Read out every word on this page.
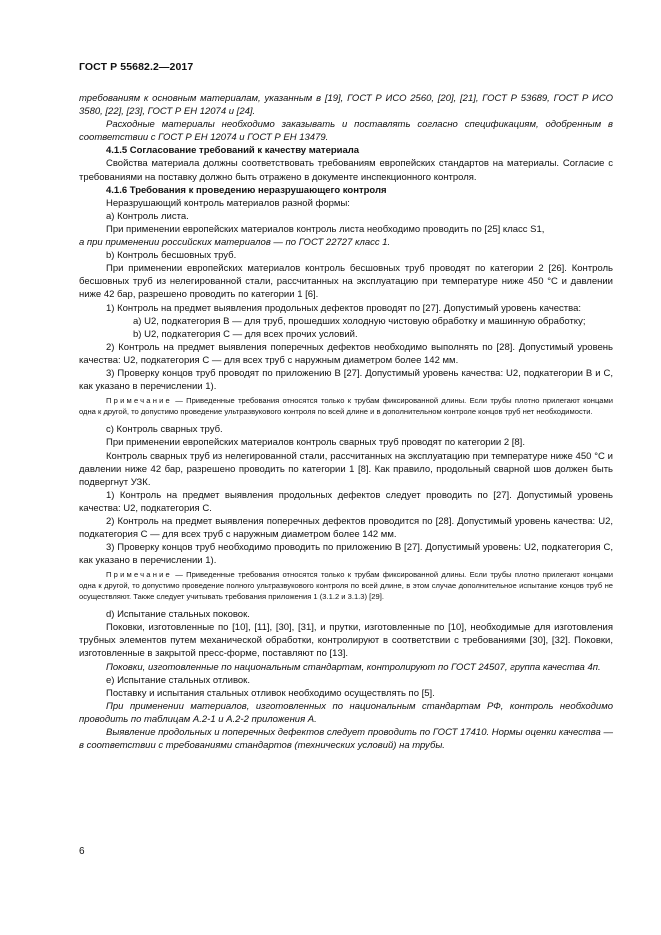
ГОСТ Р 55682.2—2017

требованиям к основным материалам, указанным в [19], ГОСТ Р ИСО 2560, [20], [21], ГОСТ Р 53689, ГОСТ Р ИСО 3580, [22], [23], ГОСТ Р ЕН 12074 и [24].

Расходные материалы необходимо заказывать и поставлять согласно спецификациям, одобренным в соответствии с ГОСТ Р ЕН 12074 и ГОСТ Р ЕН 13479.

4.1.5 Согласование требований к качеству материала

Свойства материала должны соответствовать требованиям европейских стандартов на материалы. Согласие с требованиями на поставку должно быть отражено в документе инспекционного контроля.

4.1.6 Требования к проведению неразрушающего контроля

Неразрушающий контроль материалов разной формы:

a) Контроль листа.

При применении европейских материалов контроль листа необходимо проводить по [25] класс S1,

а при применении российских материалов — по ГОСТ 22727 класс 1.

b) Контроль бесшовных труб.

При применении европейских материалов контроль бесшовных труб проводят по категории 2 [26]. Контроль бесшовных труб из нелегированной стали, рассчитанных на эксплуатацию при температуре ниже 450 °С и давлении ниже 42 бар, разрешено проводить по категории 1 [6].

1) Контроль на предмет выявления продольных дефектов проводят по [27]. Допустимый уровень качества:

a) U2, подкатегория В — для труб, прошедших холодную чистовую обработку и машинную обработку;

b) U2, подкатегория С — для всех прочих условий.

2) Контроль на предмет выявления поперечных дефектов необходимо выполнять по [28]. Допустимый уровень качества: U2, подкатегория С — для всех труб с наружным диаметром более 142 мм.

3) Проверку концов труб проводят по приложению В [27]. Допустимый уровень качества: U2, подкатегории В и С, как указано в перечислении 1).

Примечание — Приведенные требования относятся только к трубам фиксированной длины. Если трубы плотно прилегают концами одна к другой, то допустимо проведение ультразвукового контроля по всей длине и в дополнительном контроле концов труб нет необходимости.

c) Контроль сварных труб.

При применении европейских материалов контроль сварных труб проводят по категории 2 [8].

Контроль сварных труб из нелегированной стали, рассчитанных на эксплуатацию при температуре ниже 450 °С и давлении ниже 42 бар, разрешено проводить по категории 1 [8]. Как правило, продольный сварной шов должен быть подвергнут УЗК.

1) Контроль на предмет выявления продольных дефектов следует проводить по [27]. Допустимый уровень качества: U2, подкатегория С.

2) Контроль на предмет выявления поперечных дефектов проводится по [28]. Допустимый уровень качества: U2, подкатегория С — для всех труб с наружным диаметром более 142 мм.

3) Проверку концов труб необходимо проводить по приложению В [27]. Допустимый уровень: U2, подкатегория С, как указано в перечислении 1).

Примечание — Приведенные требования относятся только к трубам фиксированной длины. Если трубы плотно прилегают концами одна к другой, то допустимо проведение полного ультразвукового контроля по всей длине, в этом случае дополнительное испытание концов труб не осуществляют. Также следует учитывать требования приложения 1 (3.1.2 и 3.1.3) [29].

d) Испытание стальных поковок.

Поковки, изготовленные по [10], [11], [30], [31], и прутки, изготовленные по [10], необходимые для изготовления трубных элементов путем механической обработки, контролируют в соответствии с требованиями [30], [32]. Поковки, изготовленные в закрытой пресс-форме, поставляют по [13].

Поковки, изготовленные по национальным стандартам, контролируют по ГОСТ 24507, группа качества 4п.

e) Испытание стальных отливок.

Поставку и испытания стальных отливок необходимо осуществлять по [5].

При применении материалов, изготовленных по национальным стандартам РФ, контроль необходимо проводить по таблицам А.2-1 и А.2-2 приложения А.

Выявление продольных и поперечных дефектов следует проводить по ГОСТ 17410. Нормы оценки качества — в соответствии с требованиями стандартов (технических условий) на трубы.

6
